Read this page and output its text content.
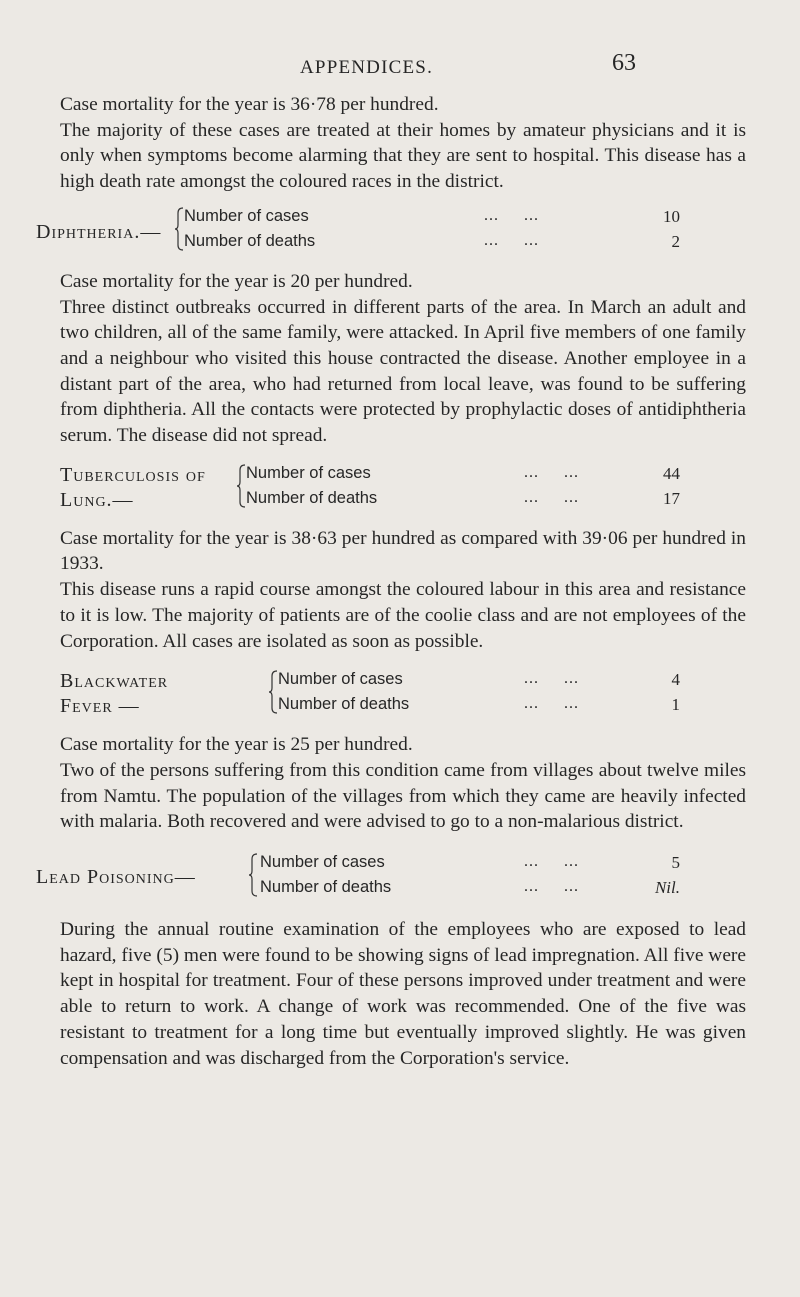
APPENDICES.	63

Case mortality for the year is 36·78 per hundred.

The majority of these cases are treated at their homes by amateur physicians and it is only when symptoms become alarming that they are sent to hospital. This disease has a high death rate amongst the coloured races in the district.

Diphtheria.—
Number of cases	...     ...	10
Number of deaths	...     ...	2

Case mortality for the year is 20 per hundred.

Three distinct outbreaks occurred in different parts of the area. In March an adult and two children, all of the same family, were attacked. In April five members of one family and a neighbour who visited this house contracted the disease. Another employee in a distant part of the area, who had returned from local leave, was found to be suffering from diphtheria. All the contacts were protected by prophylactic doses of antidiphtheria serum. The disease did not spread.

Tuberculosis of
Lung.—
Number of cases	...     ...	44
Number of deaths	...     ...	17

Case mortality for the year is 38·63 per hundred as compared with 39·06 per hundred in 1933.

This disease runs a rapid course amongst the coloured labour in this area and resistance to it is low. The majority of patients are of the coolie class and are not employees of the Corporation. All cases are isolated as soon as possible.

Blackwater
Fever —
Number of cases	...     ...	4
Number of deaths	...     ...	1

Case mortality for the year is 25 per hundred.

Two of the persons suffering from this condition came from villages about twelve miles from Namtu. The population of the villages from which they came are heavily infected with malaria. Both recovered and were advised to go to a non-malarious district.

Lead Poisoning—
Number of cases	...     ...	5
Number of deaths	...     ...	Nil.

During the annual routine examination of the employees who are exposed to lead hazard, five (5) men were found to be showing signs of lead impregnation. All five were kept in hospital for treatment. Four of these persons improved under treatment and were able to return to work. A change of work was recommended. One of the five was resistant to treatment for a long time but eventually improved slightly. He was given compensation and was discharged from the Corporation's service.
